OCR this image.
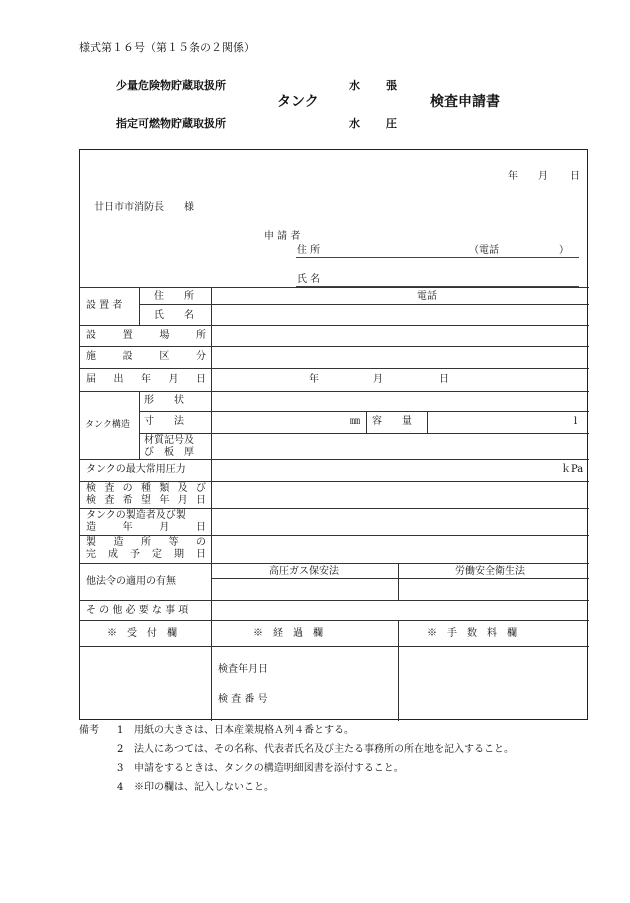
様式第１６号（第１５条の２関係）
少量危険物貯蔵取扱所
指定可燃物貯蔵取扱所
タンク
水 張
水 圧
検査申請書
年 月 日
廿日市市消防長　　様
申 請 者
住 所	（電話　　　　　　）
氏 名
設 置 者
住　　所
氏　　名
電話
設	置	場	所
施	設	区	分
届 出 年 月 日	年	月	日
タンク構造
形　　状
寸　　法	㎜ 容　　量	l
材質記号及
び　板　厚
タンクの最大常用圧力	ｋPa
検 査 の 種 類 及 び
検 査 希 望 年 月 日
タンクの製造者及び製
造	年	月	日
製 造 所 等 の
完 成 予 定 期 日
他法令の適用の有無
高圧ガス保安法	労働安全衛生法
そ の 他 必 要 な 事 項
※　受　付　欄	※　経　過　欄	※　手　数　料　欄
検査年月日
検 査 番 号
備考 1 用紙の大きさは、日本産業規格Ａ列４番とする。
2 法人にあつては、その名称、代表者氏名及び主たる事務所の所在地を記入すること。
3 申請をするときは、タンクの構造明細図書を添付すること。
4 ※印の欄は、記入しないこと。
